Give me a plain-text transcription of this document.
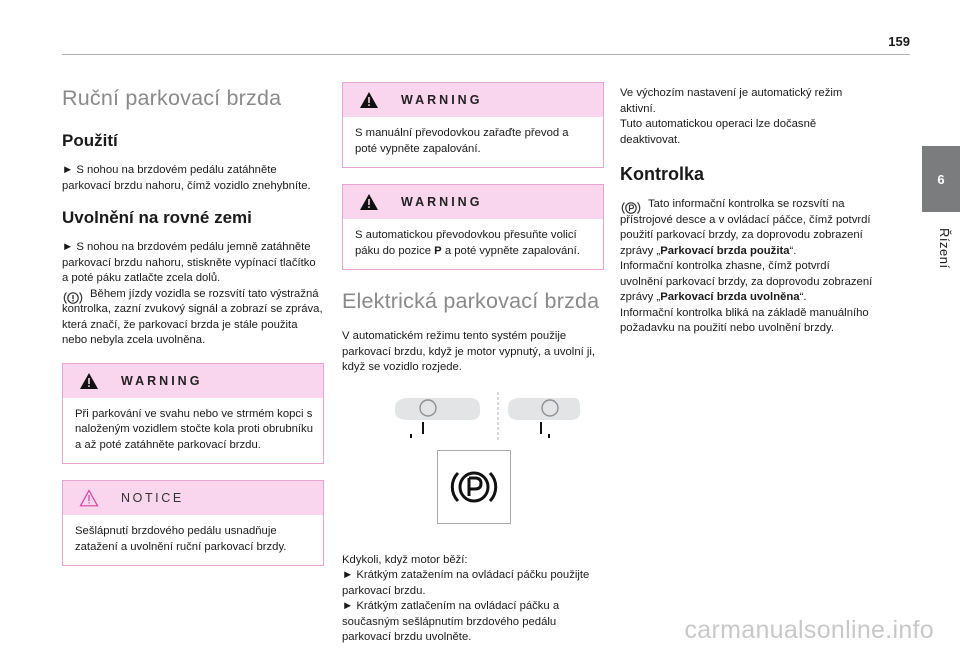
159
Ruční parkovací brzda
Použití

► S nohou na brzdovém pedálu zatáhněte parkovací brzdu nahoru, čímž vozidlo znehybníte.

Uvolnění na rovné zemi

► S nohou na brzdovém pedálu jemně zatáhněte parkovací brzdu nahoru, stiskněte vypínací tlačítko a poté páku zatlačte zcela dolů.

Během jízdy vozidla se rozsvítí tato výstražná kontrolka, zazní zvukový signál a zobrazí se zpráva, která značí, že parkovací brzda je stále použita nebo nebyla zcela uvolněna.

WARNING

Při parkování ve svahu nebo ve strmém kopci s naloženým vozidlem stočte kola proti obrubníku a až poté zatáhněte parkovací brzdu.

NOTICE

Sešlápnutí brzdového pedálu usnadňuje zatažení a uvolnění ruční parkovací brzdy.

WARNING

S manuální převodovkou zařaďte převod a poté vypněte zapalování.

WARNING

S automatickou převodovkou přesuňte volicí páku do pozice P a poté vypněte zapalování.

Elektrická parkovací brzda

V automatickém režimu tento systém použije parkovací brzdu, když je motor vypnutý, a uvolní ji, když se vozidlo rozjede.

Kdykoli, když motor běží:

► Krátkým zatažením na ovládací páčku použijte parkovací brzdu.

► Krátkým zatlačením na ovládací páčku a současným sešlápnutím brzdového pedálu parkovací brzdu uvolněte.

Ve výchozím nastavení je automatický režim aktivní.

Tuto automatickou operaci lze dočasně deaktivovat.

Kontrolka

Tato informační kontrolka se rozsvítí na přístrojové desce a v ovládací páčce, čímž potvrdí použití parkovací brzdy, za doprovodu zobrazení zprávy „Parkovací brzda použita“.

Informační kontrolka zhasne, čímž potvrdí uvolnění parkovací brzdy, za doprovodu zobrazení zprávy „Parkovací brzda uvolněna“.

Informační kontrolka bliká na základě manuálního požadavku na použití nebo uvolnění brzdy.

6
Řízení
carmanualsonline.info
